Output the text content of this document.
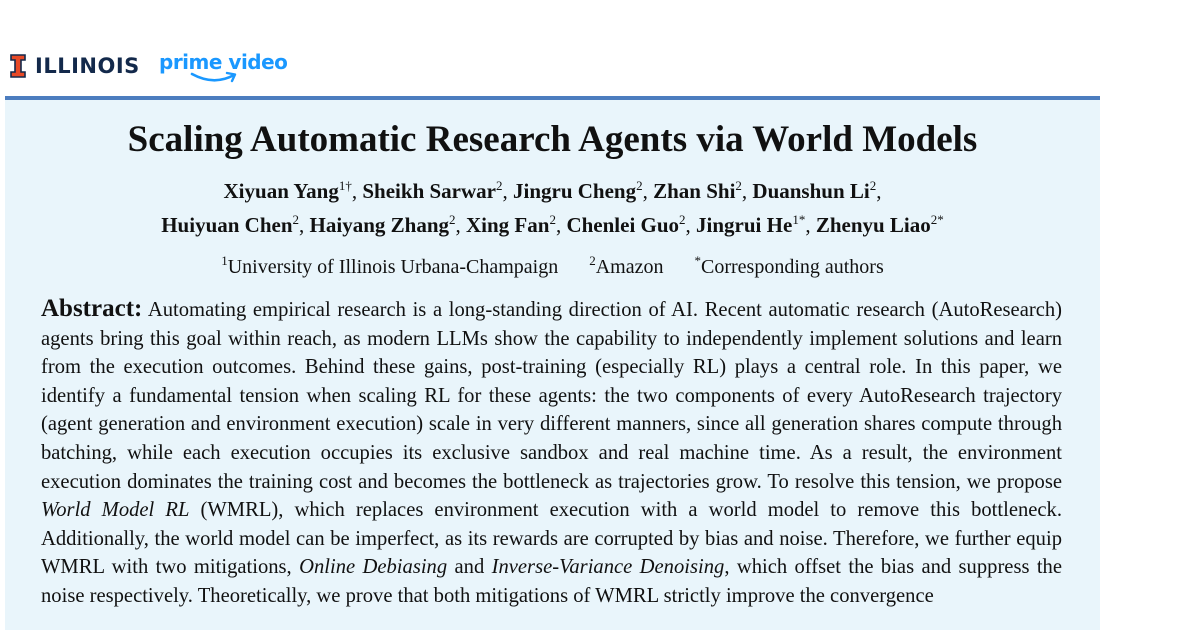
ILLINOIS prime video
Scaling Automatic Research Agents via World Models
Xiyuan Yang$^{1\dagger}$, Sheikh Sarwar$^2$, Jingru Cheng$^2$, Zhan Shi$^2$, Duanshun Li$^2$,
Huiyuan Chen$^2$, Haiyang Zhang$^2$, Xing Fan$^2$, Chenlei Guo$^2$, Jingrui $He^{1*}$, Zhenyu Liao$^{2*}$
$^1$University of Illinois Urbana-Champaign $^2$Amazon *Corresponding authors
Abstract: Automating empirical research is a long-standing direction of AI. Recent automatic research (AutoResearch) agents bring this goal within reach, as modern LLMs show the capability to independently implement solutions and learn from the execution outcomes. Behind these gains, post-training (especially RL) plays a central role. In this paper, we identify a fundamental tension when scaling RL for these agents: the two components of every AutoResearch trajectory (agent generation and environment execution) scale in very different manners, since all generation shares compute through batching, while each execution occupies its exclusive sandbox and real machine time. As a result, the environment execution dominates the training cost and becomes the bottleneck as trajectories grow. To resolve this tension, we propose World Model RL (WMRL), which replaces environment execution with a world model to remove this bottleneck. Additionally, the world model can be imperfect, as its rewards are corrupted by bias and noise. Therefore, we further equip WMRL with two mitigations, Online Debiasing and Inverse-Variance Denoising, which offset the bias and suppress the noise respectively. Theoretically, we prove that both mitigations of WMRL strictly improve the convergence
